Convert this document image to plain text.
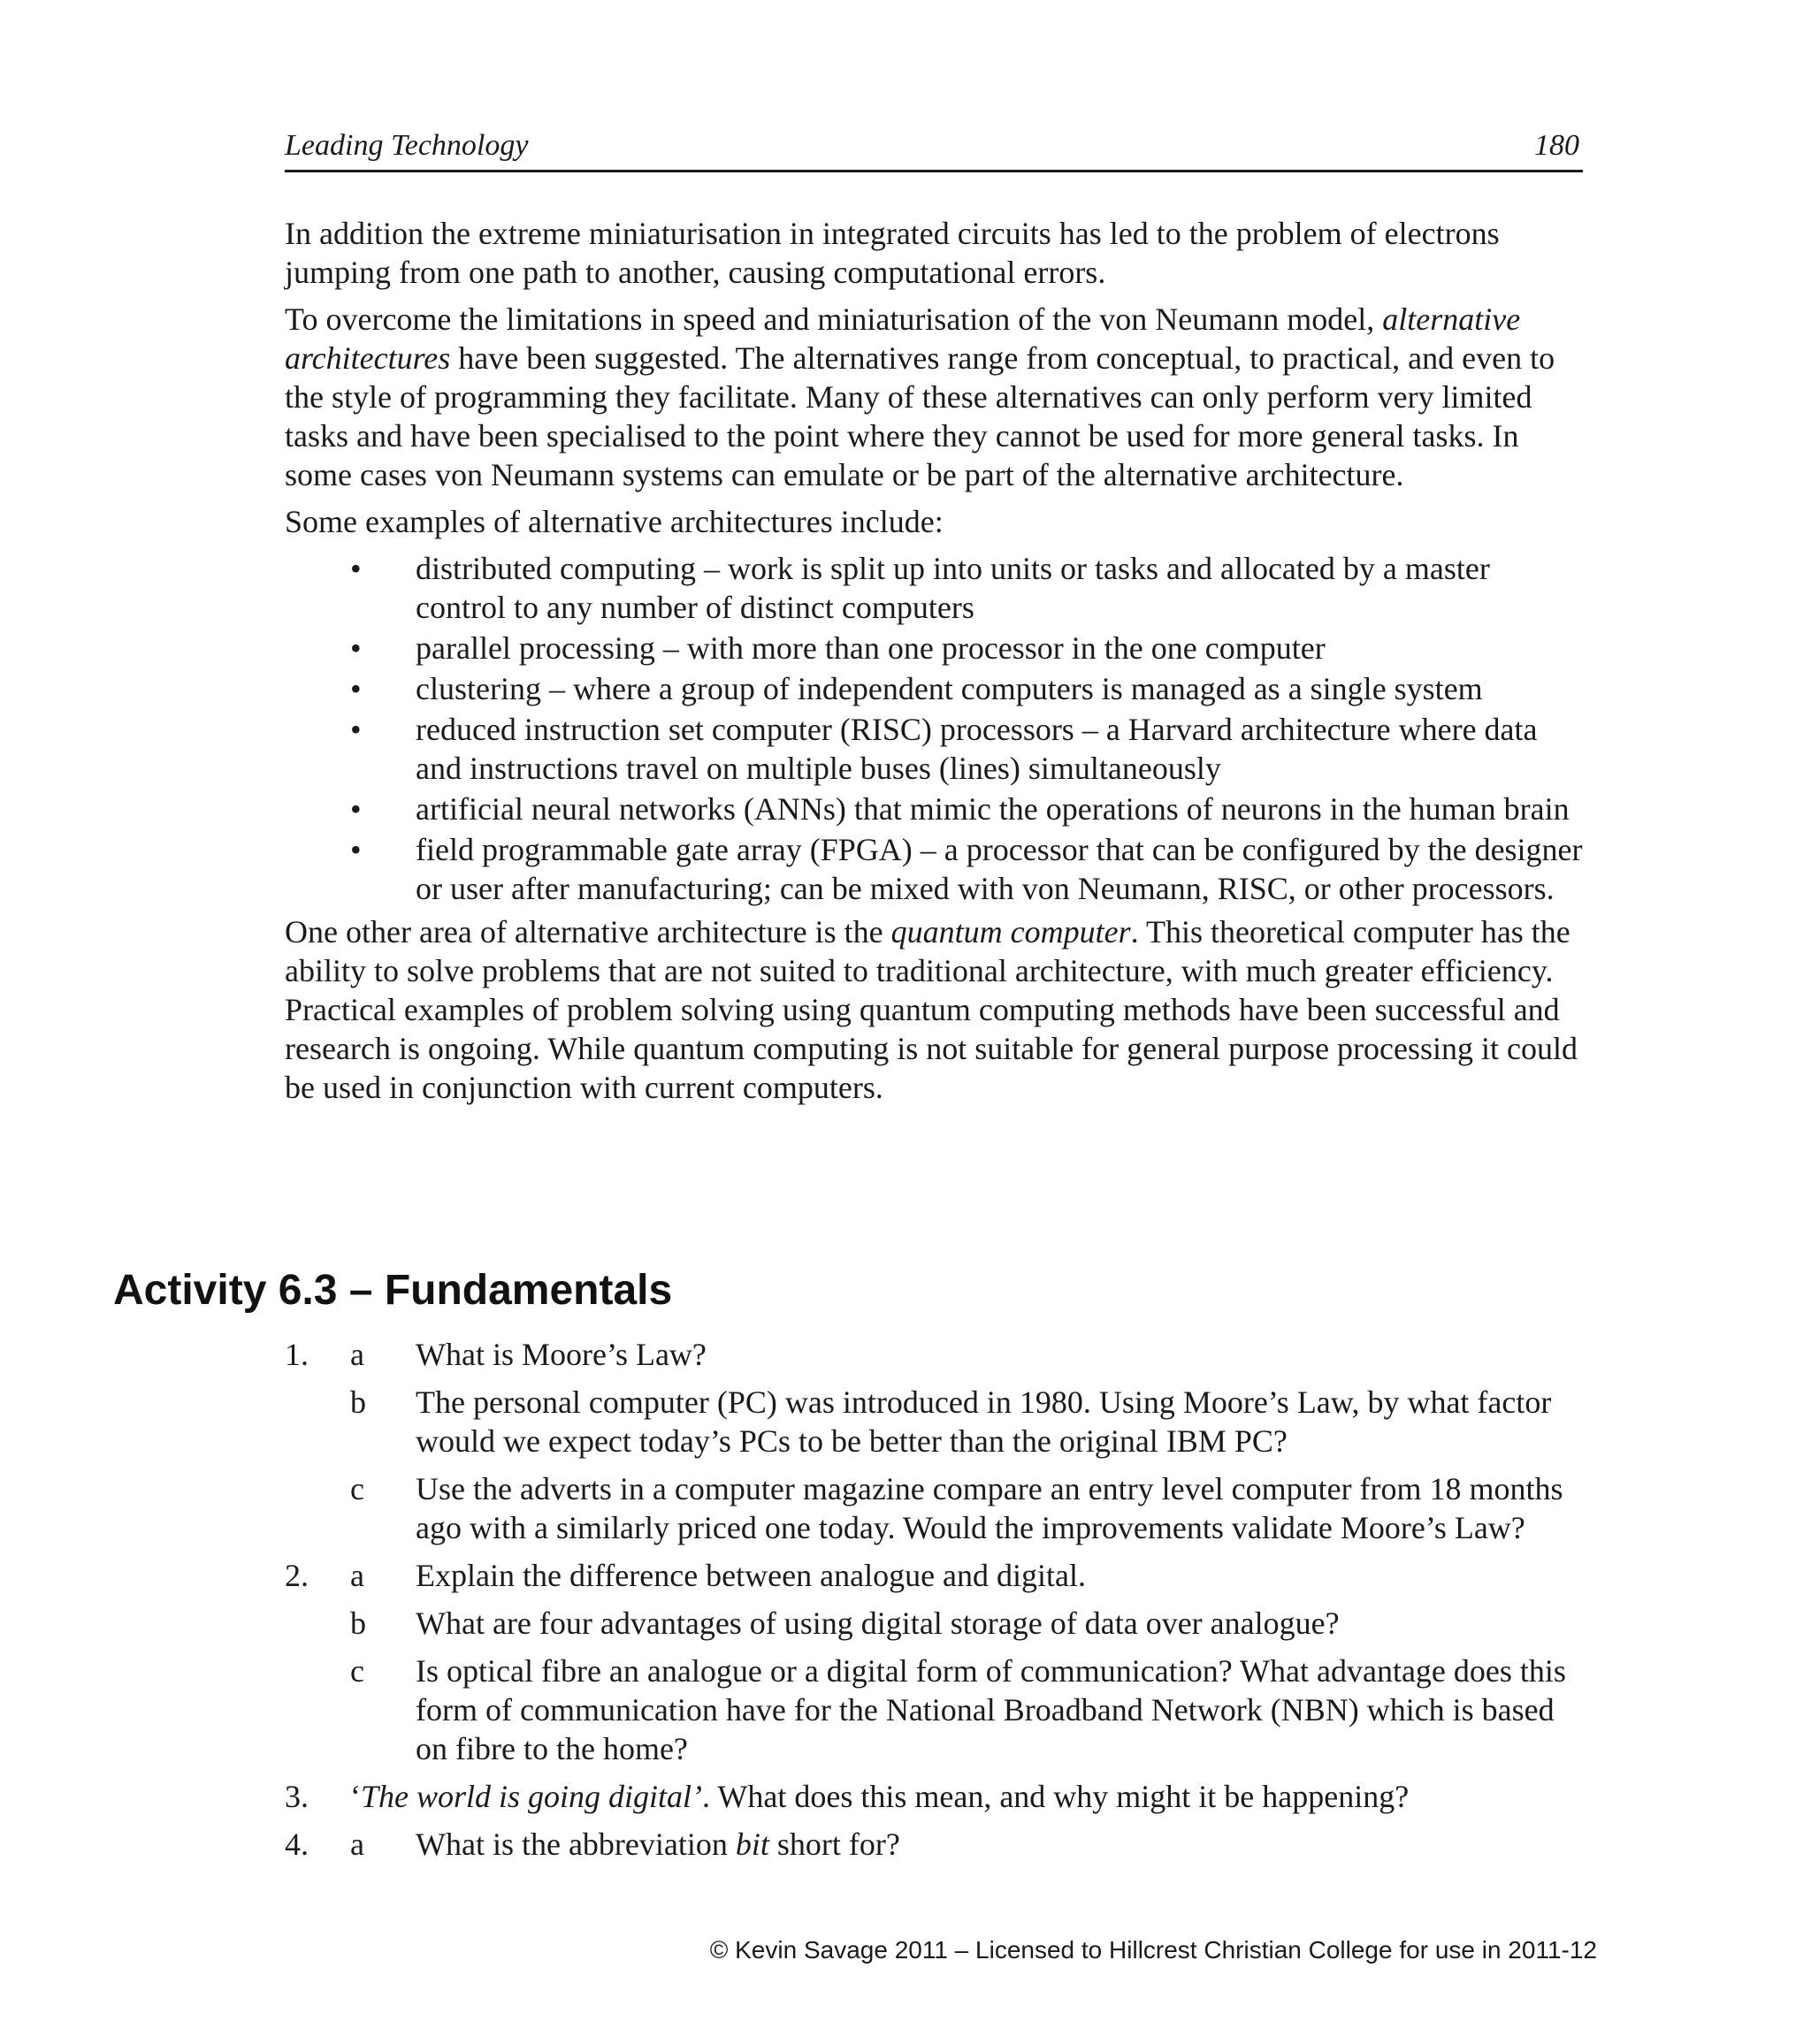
Leading Technology	180

In addition the extreme miniaturisation in integrated circuits has led to the problem of electrons jumping from one path to another, causing computational errors.

To overcome the limitations in speed and miniaturisation of the von Neumann model, alternative architectures have been suggested. The alternatives range from conceptual, to practical, and even to the style of programming they facilitate. Many of these alternatives can only perform very limited tasks and have been specialised to the point where they cannot be used for more general tasks. In some cases von Neumann systems can emulate or be part of the alternative architecture.

Some examples of alternative architectures include:

• distributed computing – work is split up into units or tasks and allocated by a master control to any number of distinct computers
• parallel processing – with more than one processor in the one computer
• clustering – where a group of independent computers is managed as a single system
• reduced instruction set computer (RISC) processors – a Harvard architecture where data and instructions travel on multiple buses (lines) simultaneously
• artificial neural networks (ANNs) that mimic the operations of neurons in the human brain
• field programmable gate array (FPGA) – a processor that can be configured by the designer or user after manufacturing; can be mixed with von Neumann, RISC, or other processors.

One other area of alternative architecture is the quantum computer. This theoretical computer has the ability to solve problems that are not suited to traditional architecture, with much greater efficiency. Practical examples of problem solving using quantum computing methods have been successful and research is ongoing. While quantum computing is not suitable for general purpose processing it could be used in conjunction with current computers.

Activity 6.3 – Fundamentals
1. a What is Moore’s Law?
b The personal computer (PC) was introduced in 1980. Using Moore’s Law, by what factor would we expect today’s PCs to be better than the original IBM PC?
c Use the adverts in a computer magazine compare an entry level computer from 18 months ago with a similarly priced one today. Would the improvements validate Moore’s Law?
2. a Explain the difference between analogue and digital.
b What are four advantages of using digital storage of data over analogue?
c Is optical fibre an analogue or a digital form of communication? What advantage does this form of communication have for the National Broadband Network (NBN) which is based on fibre to the home?
3. ‘The world is going digital’. What does this mean, and why might it be happening?
4. a What is the abbreviation bit short for?
© Kevin Savage 2011 – Licensed to Hillcrest Christian College for use in 2011-12
